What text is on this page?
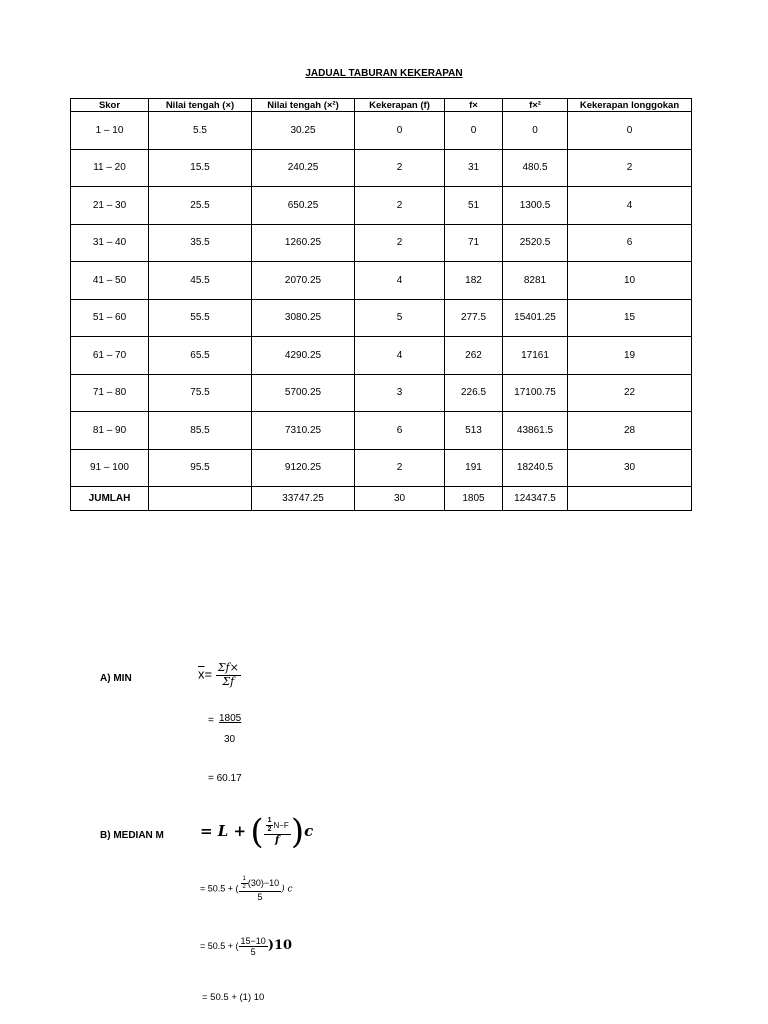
JADUAL TABURAN KEKERAPAN
Skor	Nilai tengah (×)	Nilai tengah (×²)	Kekerapan (f)	f×	f×²	Kekerapan longgokan
1 – 10	5.5	30.25	0	0	0	0
11 – 20	15.5	240.25	2	31	480.5	2
21 – 30	25.5	650.25	2	51	1300.5	4
31 – 40	35.5	1260.25	2	71	2520.5	6
41 – 50	45.5	2070.25	4	182	8281	10
51 – 60	55.5	3080.25	5	277.5	15401.25	15
61 – 70	65.5	4290.25	4	262	17161	19
71 – 80	75.5	5700.25	3	226.5	17100.75	22
81 – 90	85.5	7310.25	6	513	43861.5	28
91 – 100	95.5	9120.25	2	191	18240.5	30
JUMLAH		33747.25	30	1805	124347.5	
A) MIN	$\overline{x}= \frac{\Sigma f\times}{\Sigma f}$
= 1805
30
= 60.17
B) MEDIAN M = L + ( $\frac{\frac{1}{2} N-F}{f} )c$
= 50.5 + ( $\frac{\frac{1}{2} (30)-10}{5}$ ) c
= 50.5 + ( $\frac{15-10}{5} )10$
= 50.5 + (1) 10
